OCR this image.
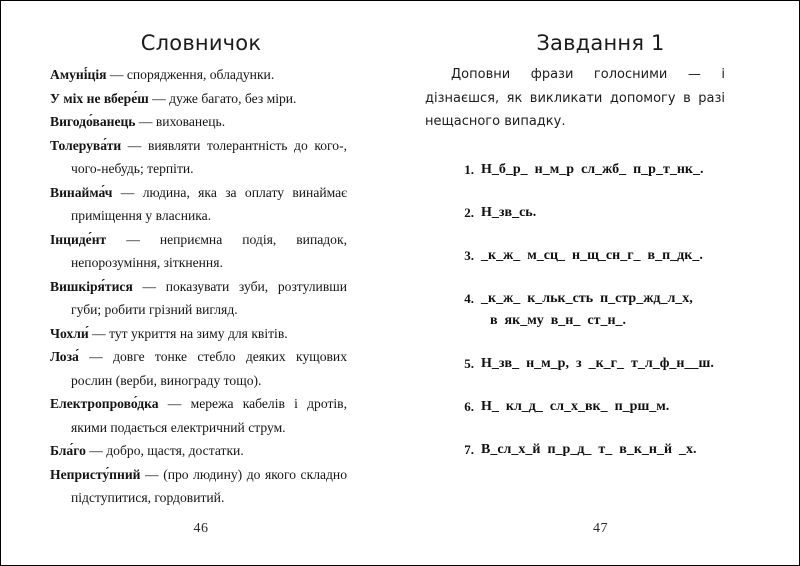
Словничок

Амуні́ція — спорядження, обладунки.

У міх не вбере́ш — дуже багато, без міри.

Вигодо́ванець — вихованець.

Толерува́ти — виявляти толерантність до кого-, чого-небудь; терпіти.

Винайма́ч — людина, яка за оплату винаймає приміщення у власника.

Інциде́нт — неприємна подія, випадок, непорозуміння, зіткнення.

Вишкіря́тися — показувати зуби, розтуливши губи; робити грізний вигляд.

Чохли́ — тут укриття на зиму для квітів.

Лоза́ — довге тонке стебло деяких кущових рослин (верби, винограду тощо).

Електропрово́дка — мережа кабелів і дротів, якими подається електричний струм.

Бла́го — добро, щастя, достатки.

Непристу́пний — (про людину) до якого складно підступитися, гордовитий.

46
Завдання 1

Доповни фрази голосними — і дізнаєшся, як викликати допомогу в разі нещасного випадку.

1. Н_б_р_  н_м_р  сл_жб_  п_р_т_нк_.
2. Н_зв_сь.
3. _к_ж_  м_сц_  н_щ_сн_г_  в_п_дк_.
4. _к_ж_  к_льк_сть  п_стр_жд_л_х,
в  як_му  в_н_  ст_н_.
5. Н_зв_  н_м_р,  з  _к_г_  т_л_ф_н__ш.
6. Н_  кл_д_  сл_х_вк_  п_рш_м.
7. В_сл_х_й  п_р_д_  т_  в_к_н_й  _х.
47
